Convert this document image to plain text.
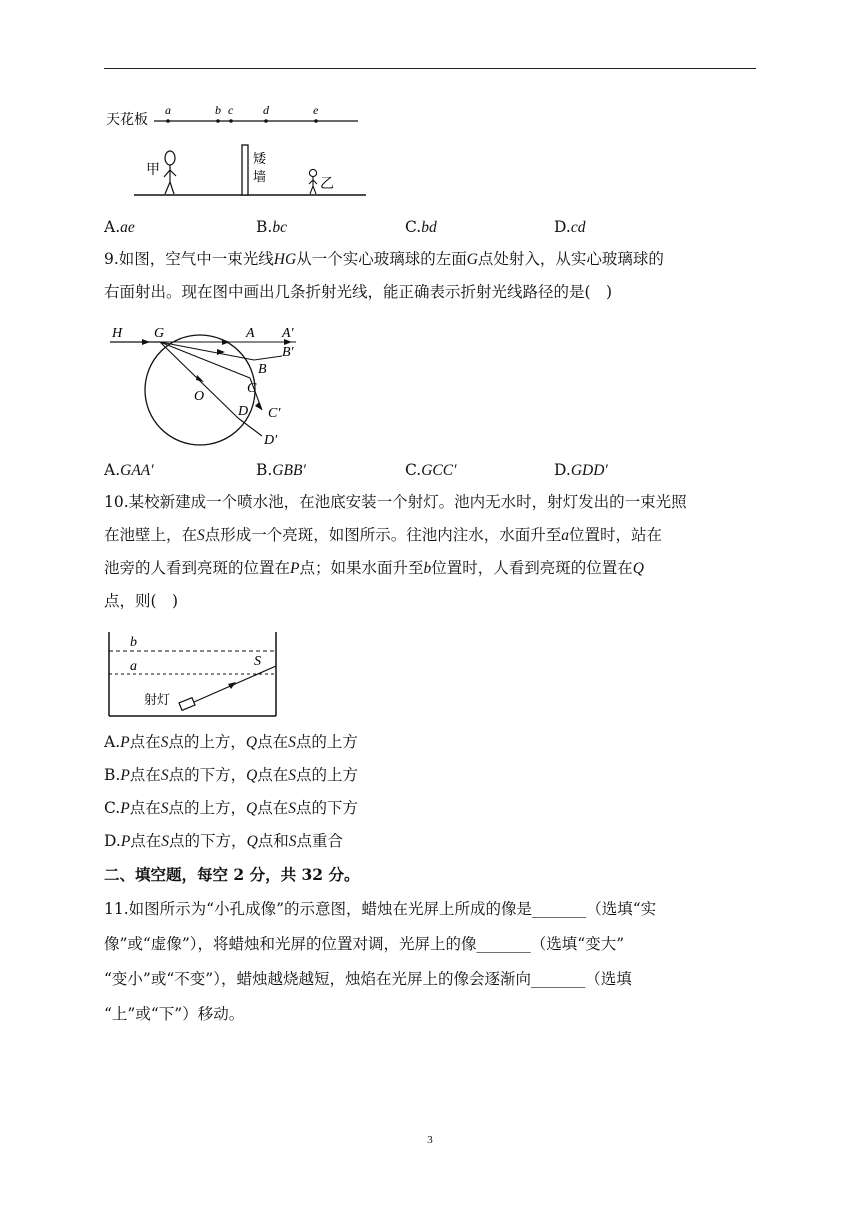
天花板
a	b c d	e
甲
矮
墙	乙
A.ae	B.bc	C.bd	D.cd
9.如图，空气中一束光线HG从一个实心玻璃球的左面G点处射入，从实心玻璃球的
右面射出。现在图中画出几条折射光线，能正确表示折射光线路径的是(　)
H G	A A′
B′
B
C
O
C′
D
D′
A.GAA′	B.GBB′	C.GCC′	D.GDD′
10.某校新建成一个喷水池，在池底安装一个射灯。池内无水时，射灯发出的一束光照
在池壁上，在S点形成一个亮斑，如图所示。往池内注水，水面升至a位置时，站在
池旁的人看到亮斑的位置在P点；如果水面升至b位置时，人看到亮斑的位置在Q
点，则(　)
b
a	S
射灯
A.P点在S点的上方，Q点在S点的上方
B.P点在S点的下方，Q点在S点的上方
C.P点在S点的上方，Q点在S点的下方
D.P点在S点的下方，Q点和S点重合
二、填空题，每空 2 分，共 32 分。
11.如图所示为“小孔成像”的示意图，蜡烛在光屏上所成的像是_______（选填“实
像”或“虚像”），将蜡烛和光屏的位置对调，光屏上的像_______（选填“变大”
“变小”或“不变”），蜡烛越烧越短，烛焰在光屏上的像会逐渐向_______（选填
“上”或“下”）移动。
3
